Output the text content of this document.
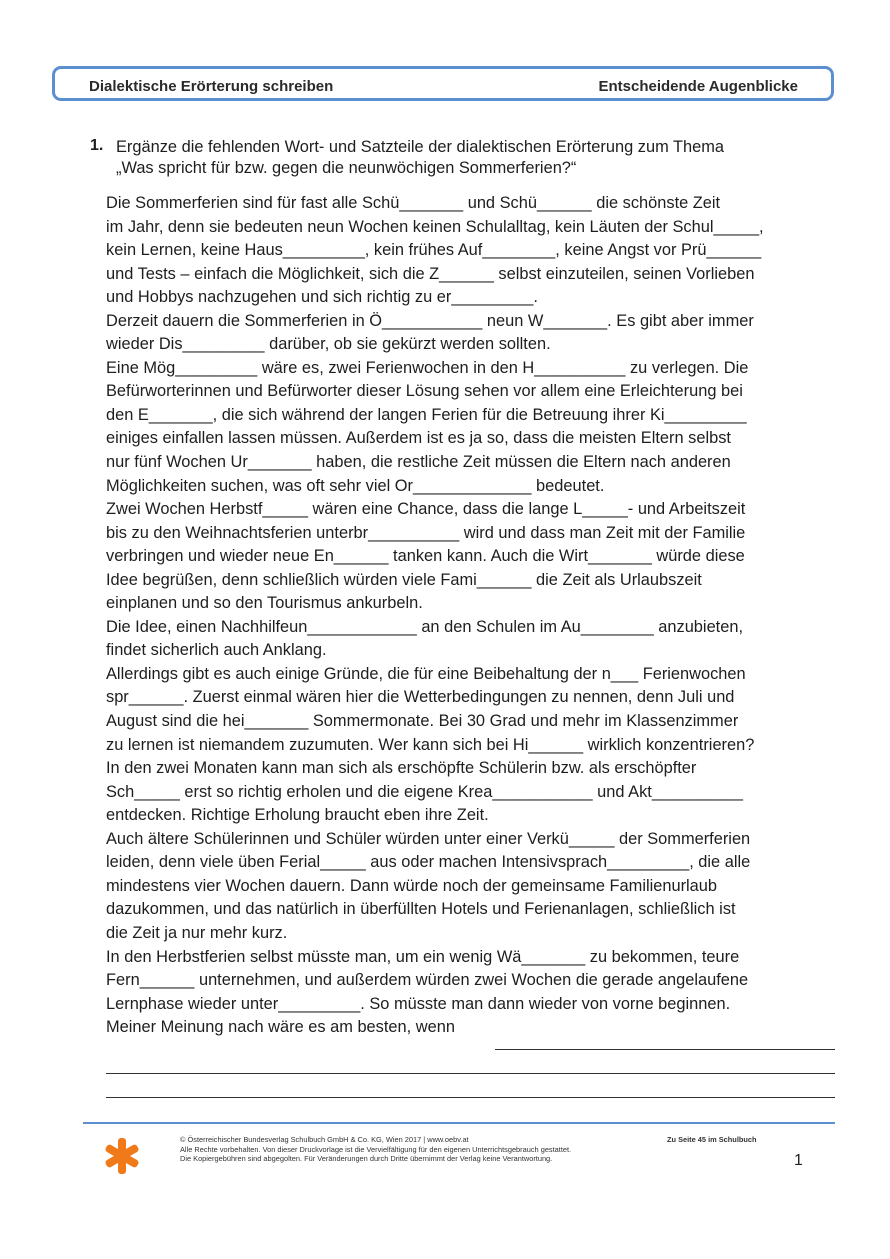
Dialektische Erörterung schreiben	Entscheidende Augenblicke
1. Ergänze die fehlenden Wort- und Satzteile der dialektischen Erörterung zum Thema
„Was spricht für bzw. gegen die neunwöchigen Sommerferien?“
Die Sommerferien sind für fast alle Schü_______ und Schü______ die schönste Zeit
im Jahr, denn sie bedeuten neun Wochen keinen Schulalltag, kein Läuten der Schul_____,
kein Lernen, keine Haus_________, kein frühes Auf________, keine Angst vor Prü______
und Tests – einfach die Möglichkeit, sich die Z______ selbst einzuteilen, seinen Vorlieben
und Hobbys nachzugehen und sich richtig zu er_________.
Derzeit dauern die Sommerferien in Ö___________ neun W_______. Es gibt aber immer
wieder Dis_________ darüber, ob sie gekürzt werden sollten.
Eine Mög_________ wäre es, zwei Ferienwochen in den H__________ zu verlegen. Die
Befürworterinnen und Befürworter dieser Lösung sehen vor allem eine Erleichterung bei
den E_______, die sich während der langen Ferien für die Betreuung ihrer Ki_________
einiges einfallen lassen müssen. Außerdem ist es ja so, dass die meisten Eltern selbst
nur fünf Wochen Ur_______ haben, die restliche Zeit müssen die Eltern nach anderen
Möglichkeiten suchen, was oft sehr viel Or_____________ bedeutet.
Zwei Wochen Herbstf_____ wären eine Chance, dass die lange L_____- und Arbeitszeit
bis zu den Weihnachtsferien unterbr__________ wird und dass man Zeit mit der Familie
verbringen und wieder neue En______ tanken kann. Auch die Wirt_______ würde diese
Idee begrüßen, denn schließlich würden viele Fami______ die Zeit als Urlaubszeit
einplanen und so den Tourismus ankurbeln.
Die Idee, einen Nachhilfeun____________ an den Schulen im Au________ anzubieten,
findet sicherlich auch Anklang.
Allerdings gibt es auch einige Gründe, die für eine Beibehaltung der n___ Ferienwochen
spr______. Zuerst einmal wären hier die Wetterbedingungen zu nennen, denn Juli und
August sind die hei_______ Sommermonate. Bei 30 Grad und mehr im Klassenzimmer
zu lernen ist niemandem zuzumuten. Wer kann sich bei Hi______ wirklich konzentrieren?
In den zwei Monaten kann man sich als erschöpfte Schülerin bzw. als erschöpfter
Sch_____ erst so richtig erholen und die eigene Krea___________ und Akt__________
entdecken. Richtige Erholung braucht eben ihre Zeit.
Auch ältere Schülerinnen und Schüler würden unter einer Verkü_____ der Sommerferien
leiden, denn viele üben Ferial_____ aus oder machen Intensivsprach_________, die alle
mindestens vier Wochen dauern. Dann würde noch der gemeinsame Familienurlaub
dazukommen, und das natürlich in überfüllten Hotels und Ferienanlagen, schließlich ist
die Zeit ja nur mehr kurz.
In den Herbstferien selbst müsste man, um ein wenig Wä_______ zu bekommen, teure
Fern______ unternehmen, und außerdem würden zwei Wochen die gerade angelaufene
Lernphase wieder unter_________. So müsste man dann wieder von vorne beginnen.
Meiner Meinung nach wäre es am besten, wenn
© Österreichischer Bundesverlag Schulbuch GmbH & Co. KG, Wien 2017 | www.oebv.at
Alle Rechte vorbehalten. Von dieser Druckvorlage ist die Vervielfältigung für den eigenen Unterrichtsgebrauch gestattet.
Die Kopiergebühren sind abgegolten. Für Veränderungen durch Dritte übernimmt der Verlag keine Verantwortung.
Zu Seite 45 im Schulbuch
1
